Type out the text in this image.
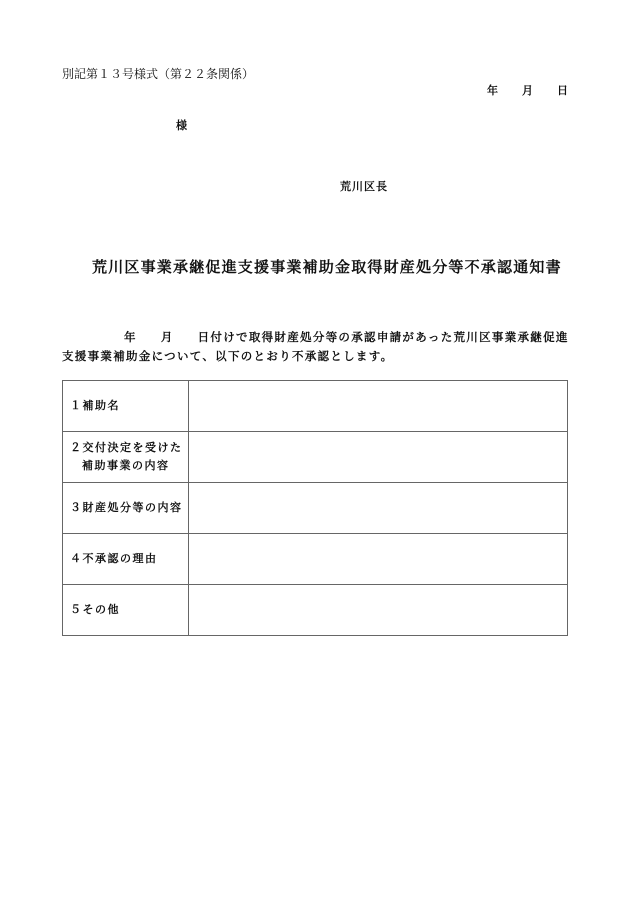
別記第１３号様式（第２２条関係）
年 月 日
様
荒川区長
荒川区事業承継促進支援事業補助金取得財産処分等不承認通知書
年 月 日付けで取得財産処分等の承認申請があった荒川区事業承継促進支援事業補助金について、以下のとおり不承認とします。
１補助名	
２交付決定を受けた
補助事業の内容	

３財産処分等の内容	
４不承認の理由	
５その他	
